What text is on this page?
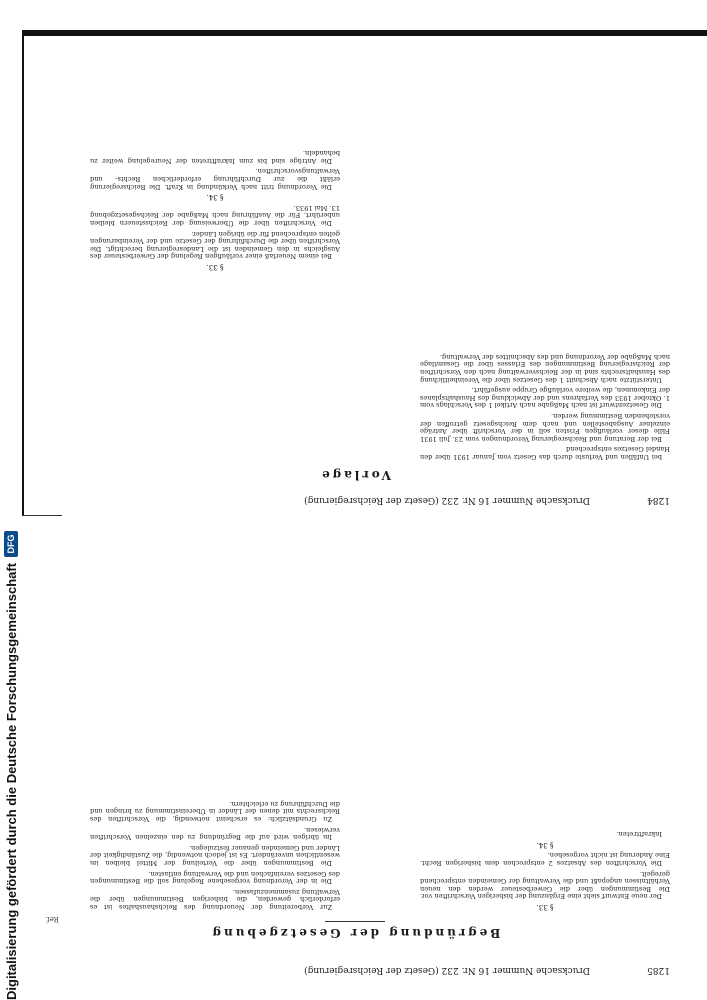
1284
Drucksache Nummer 16 Nr. 232 (Gesetz der Reichsregierung)
Vorlage

bei Unfällen und Verluste durch das Gesetz vom Januar 1931 über den Handel Gesetzes entsprechend

Bei der Beratung und Reichsregierung Verordnungen vom 23. Juli 1931 Fälle dieser vorläufigen Fristen soll in der Vorschrift über Anträge einzelner Ausgabestellen und nach dem Reichsgesetz getroffen der vorstehenden Bestimmung werden.

Die Gesetzentwurf ist nach Maßgabe nach Artikel 1 des Vorschlags vom 1. Oktober 1933 des Verfahrens und der Abwicklung des Haushaltsplanes der Einkommen, die weitere vorläufige Gruppe ausgeführt.

Unterstützte nach Abschnitt 1 des Gesetzes über die Vereinheitlichung des Haushaltsrechts sind in der Reichsverwaltung nach den Vorschriften der Reichsregierung Bestimmungen des Erlasses über die Gesamtlage nach Maßgabe der Verordnung und des Abschnittes der Verwaltung.

§ 33.

Bei einem Neuerlaß einer vorläufigen Regelung der Gewerbesteuer des Ausgleichs in den Gemeinden ist die Landesregierung berechtigt. Die Vorschriften über die Durchführung der Gesetze und der Vereinbarungen gelten entsprechend für die übrigen Länder.

Die Vorschriften über die Überweisung der Reichssteuern bleiben unberührt. Für die Ausführung nach Maßgabe der Reichsgesetzgebung 13. Mai 1933.

§ 34.

Die Verordnung tritt nach Verkündung in Kraft. Die Reichsregierung erläßt die zur Durchführung erforderlichen Rechts- und Verwaltungsvorschriften.

Die Anträge sind bis zum Inkrafttreten der Neuregelung weiter zu behandeln.

1285
Drucksache Nummer 16 Nr. 232 (Gesetz der Reichsregierung)
Begründung der Gesetzgebung

Zur Vorbereitung der Neuordnung des Reichshaushaltes ist es erforderlich geworden, die bisherigen Bestimmungen über die Verwaltung zusammenzufassen.

Die in der Verordnung vorgesehene Regelung soll die Bestimmungen des Gesetzes vereinfachen und die Verwaltung entlasten.

Die Bestimmungen über die Verteilung der Mittel bleiben im wesentlichen unverändert. Es ist jedoch notwendig, die Zuständigkeit der Länder und Gemeinden genauer festzulegen.

Im übrigen wird auf die Begründung zu den einzelnen Vorschriften verwiesen.

Zu Grundsätzlich: es erscheint notwendig, die Vorschriften des Reichsrechts mit denen der Länder in Übereinstimmung zu bringen und die Durchführung zu erleichtern.

§ 33.

Der neue Entwurf sieht eine Ergänzung der bisherigen Vorschriften vor. Die Bestimmungen über die Gewerbesteuer werden den neuen Verhältnissen angepaßt und die Verwaltung der Gemeinden entsprechend geregelt.

Die Vorschriften des Absatzes 2 entsprechen dem bisherigen Recht. Eine Änderung ist nicht vorgesehen.

§ 34.

Inkrafttreten.

Ref.
Digitalisierung gefördert durch die Deutsche Forschungsgemeinschaft
DFG
